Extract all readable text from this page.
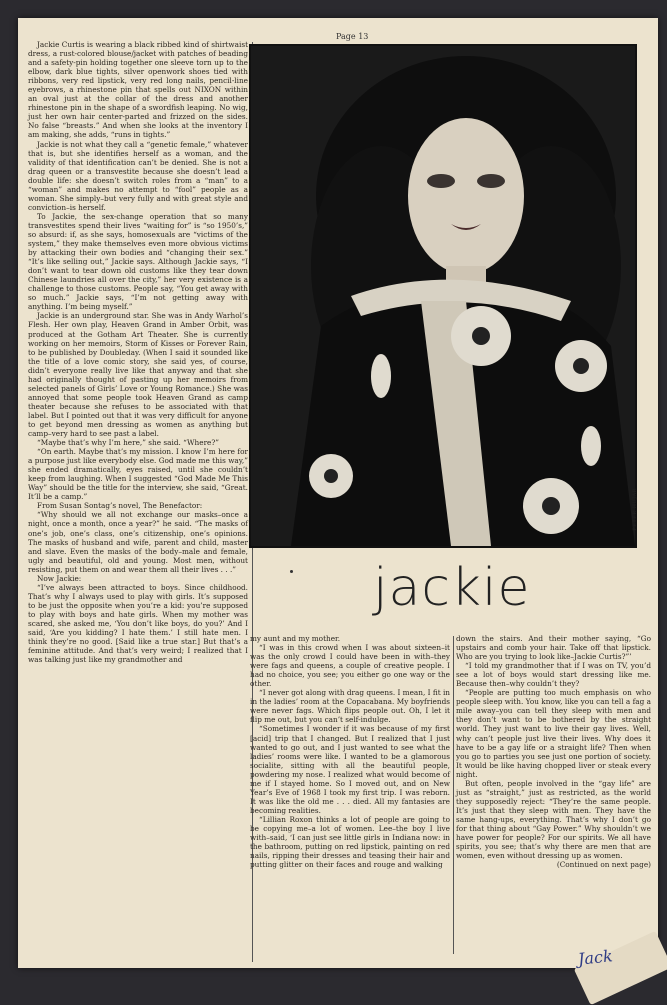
Page 13

Jackie Curtis is wearing a black ribbed kind of shirtwaist dress, a rust-colored blouse/jacket with patches of beading and a safety-pin holding together one sleeve torn up to the elbow, dark blue tights, silver openwork shoes tied with ribbons, very red lipstick, very red long nails, pencil-line eyebrows, a rhinestone pin that spells out NIXON within an oval just at the collar of the dress and another rhinestone pin in the shape of a swordfish leaping. No wig, just her own hair center-parted and frizzed on the sides. No false “breasts.” And when she looks at the inventory I am making, she adds, “runs in tights.”

Jackie is not what they call a “genetic female,” whatever that is, but she identifies herself as a woman, and the validity of that identification can’t be denied. She is not a drag queen or a transvestite because she doesn’t lead a double life: she doesn’t switch roles from a “man” to a “woman” and makes no attempt to “fool” people as a woman. She simply–but very fully and with great style and conviction–is herself.

To Jackie, the sex-change operation that so many transvestites spend their lives “waiting for” is “so 1950’s,” so absurd: if, as she says, homosexuals are “victims of the system,” they make themselves even more obvious victims by attacking their own bodies and “changing their sex.” “It’s like selling out,” Jackie says. Although Jackie says, “I don’t want to tear down old customs like they tear down Chinese laundries all over the city,” her very existence is a challenge to those customs. People say, “You get away with so much.” Jackie says, “I’m not getting away with anything. I’m being myself.”

Jackie is an underground star. She was in Andy Warhol’s Flesh. Her own play, Heaven Grand in Amber Orbit, was produced at the Gotham Art Theater. She is currently working on her memoirs, Storm of Kisses or Forever Rain, to be published by Doubleday. (When I said it sounded like the title of a love comic story, she said yes, of course, didn’t everyone really live like that anyway and that she had originally thought of pasting up her memoirs from selected panels of Girls’ Love or Young Romance.) She was annoyed that some people took Heaven Grand as camp theater because she refuses to be associated with that label. But I pointed out that it was very difficult for anyone to get beyond men dressing as women as anything but camp–very hard to see past a label.

“Maybe that’s why I’m here,” she said. “Where?”

“On earth. Maybe that’s my mission. I know I’m here for a purpose just like everybody else. God made me this way,” she ended dramatically, eyes raised, until she couldn’t keep from laughing. When I suggested “God Made Me This Way” should be the title for the interview, she said, “Great. It’ll be a camp.”

From Susan Sontag’s novel, The Benefactor:

“Why should we all not exchange our masks–once a night, once a month, once a year?” he said. “The masks of one’s job, one’s class, one’s citizenship, one’s opinions. The masks of husband and wife, parent and child, master and slave. Even the masks of the body–male and female, ugly and beautiful, old and young. Most men, without resisting, put them on and wear them all their lives . . .”

Now Jackie:

“I’ve always been attracted to boys. Since childhood. That’s why I always used to play with girls. It’s supposed to be just the opposite when you’re a kid: you’re supposed to play with boys and hate girls. When my mother was scared, she asked me, ‘You don’t like boys, do you?’ And I said, ‘Are you kidding? I hate them.’ I still hate men. I think they’re no good. [Said like a true star.] But that’s a feminine attitude. And that’s very weird; I realized that I was talking just like my grandmother and

PETER HUJAR
jackie

my aunt and my mother.

“I was in this crowd when I was about sixteen–it was the only crowd I could have been in with–they were fags and queens, a couple of creative people. I had no choice, you see; you either go one way or the other.

“I never got along with drag queens. I mean, I fit in in the ladies’ room at the Copacabana. My boyfriends were never fags. Which flips people out. Oh, I let it flip me out, but you can’t self-indulge.

“Sometimes I wonder if it was because of my first [acid] trip that I changed. But I realized that I just wanted to go out, and I just wanted to see what the ladies’ rooms were like. I wanted to be a glamorous socialite, sitting with all the beautiful people, powdering my nose. I realized what would become of me if I stayed home. So I moved out, and on New Year’s Eve of 1968 I took my first trip. I was reborn. It was like the old me . . . died. All my fantasies are becoming realities.

“Lillian Roxon thinks a lot of people are going to be copying me–a lot of women. Lee–the boy I live with–said, ‘I can just see little girls in Indiana now: in the bathroom, putting on red lipstick, painting on red nails, ripping their dresses and teasing their hair and putting glitter on their faces and rouge and walking

down the stairs. And their mother saying, “Go upstairs and comb your hair. Take off that lipstick. Who are you trying to look like–Jackie Curtis?”’

“I told my grandmother that if I was on TV, you’d see a lot of boys would start dressing like me. Because then–why couldn’t they?

“People are putting too much emphasis on who people sleep with. You know, like you can tell a fag a mile away–you can tell they sleep with men and they don’t want to be bothered by the straight world. They just want to live their gay lives. Well, why can’t people just live their lives. Why does it have to be a gay life or a straight life? Then when you go to parties you see just one portion of society. It would be like having chopped liver or steak every night.

But often, people involved in the “gay life” are just as “straight,” just as restricted, as the world they supposedly reject: “They’re the same people. It’s just that they sleep with men. They have the same hang-ups, everything. That’s why I don’t go for that thing about “Gay Power.” Why shouldn’t we have power for people? For our spirits. We all have spirits, you see; that’s why there are men that are women, even without dressing up as women.

(Continued on next page)

Jack
